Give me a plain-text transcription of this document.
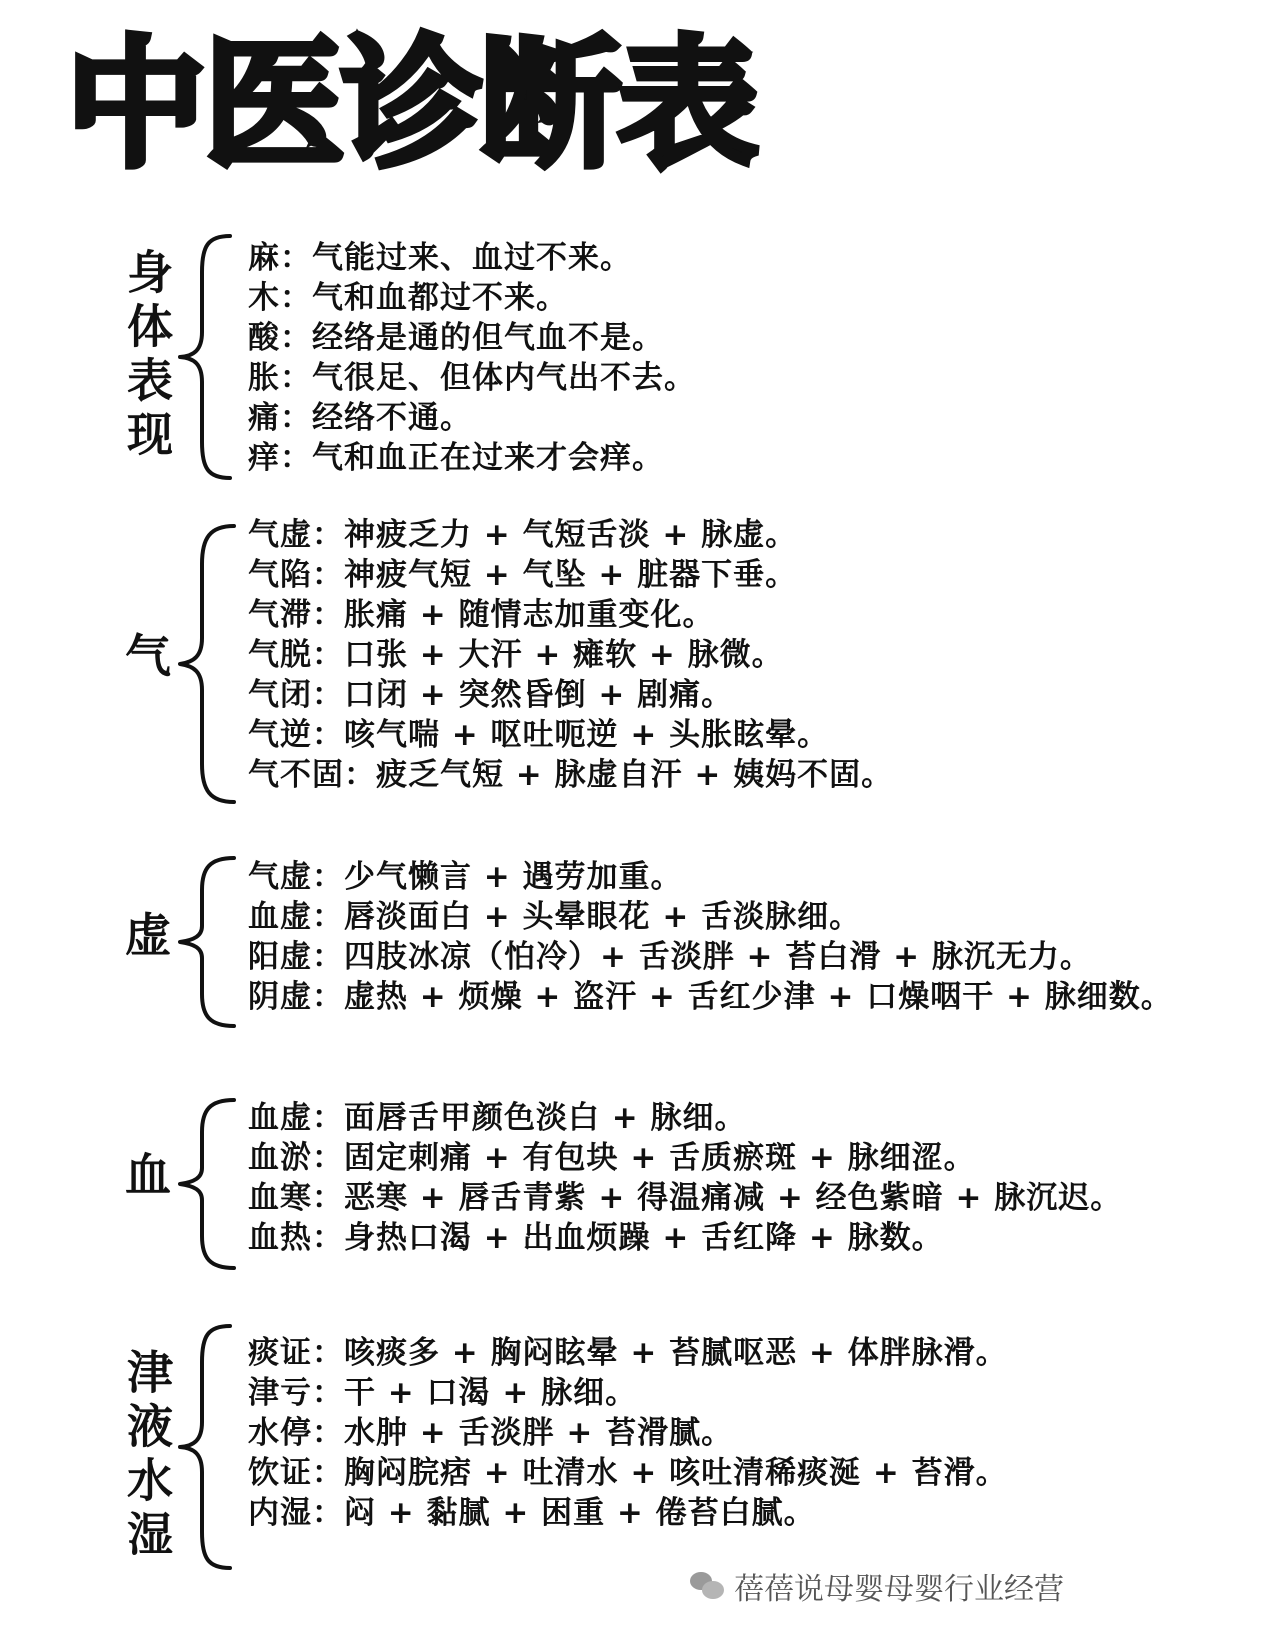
中医诊断表
身体表现 麻：气能过来、血过不来。
木：气和血都过不来。
酸：经络是通的但气血不是。
胀：气很足、但体内气出不去。
痛：经络不通。
痒：气和血正在过来才会痒。
气
气虚：神疲乏力 + 气短舌淡 + 脉虚。
气陷：神疲气短 + 气坠 + 脏器下垂。
气滞：胀痛 + 随情志加重变化。
气脱：口张 + 大汗 + 瘫软 + 脉微。
气闭：口闭 + 突然昏倒 + 剧痛。
气逆：咳气喘 + 呕吐呃逆 + 头胀眩晕。
气不固：疲乏气短 + 脉虚自汗 + 姨妈不固。
虚
气虚：少气懒言 + 遇劳加重。
血虚：唇淡面白 + 头晕眼花 + 舌淡脉细。
阳虚：四肢冰凉（怕冷）+ 舌淡胖 + 苔白滑 + 脉沉无力。
阴虚：虚热 + 烦燥 + 盗汗 + 舌红少津 + 口燥咽干 + 脉细数。
血
血虚：面唇舌甲颜色淡白 + 脉细。
血淤：固定刺痛 + 有包块 + 舌质瘀斑 + 脉细涩。
血寒：恶寒 + 唇舌青紫 + 得温痛减 + 经色紫暗 + 脉沉迟。
血热：身热口渴 + 出血烦躁 + 舌红降 + 脉数。
津液水湿 痰证：咳痰多 + 胸闷眩晕 + 苔腻呕恶 + 体胖脉滑。
津亏：干 + 口渴 + 脉细。
水停：水肿 + 舌淡胖 + 苔滑腻。
饮证：胸闷脘痞 + 吐清水 + 咳吐清稀痰涎 + 苔滑。
内湿：闷 + 黏腻 + 困重 + 倦苔白腻。
蓓蓓说母婴母婴行业经营
